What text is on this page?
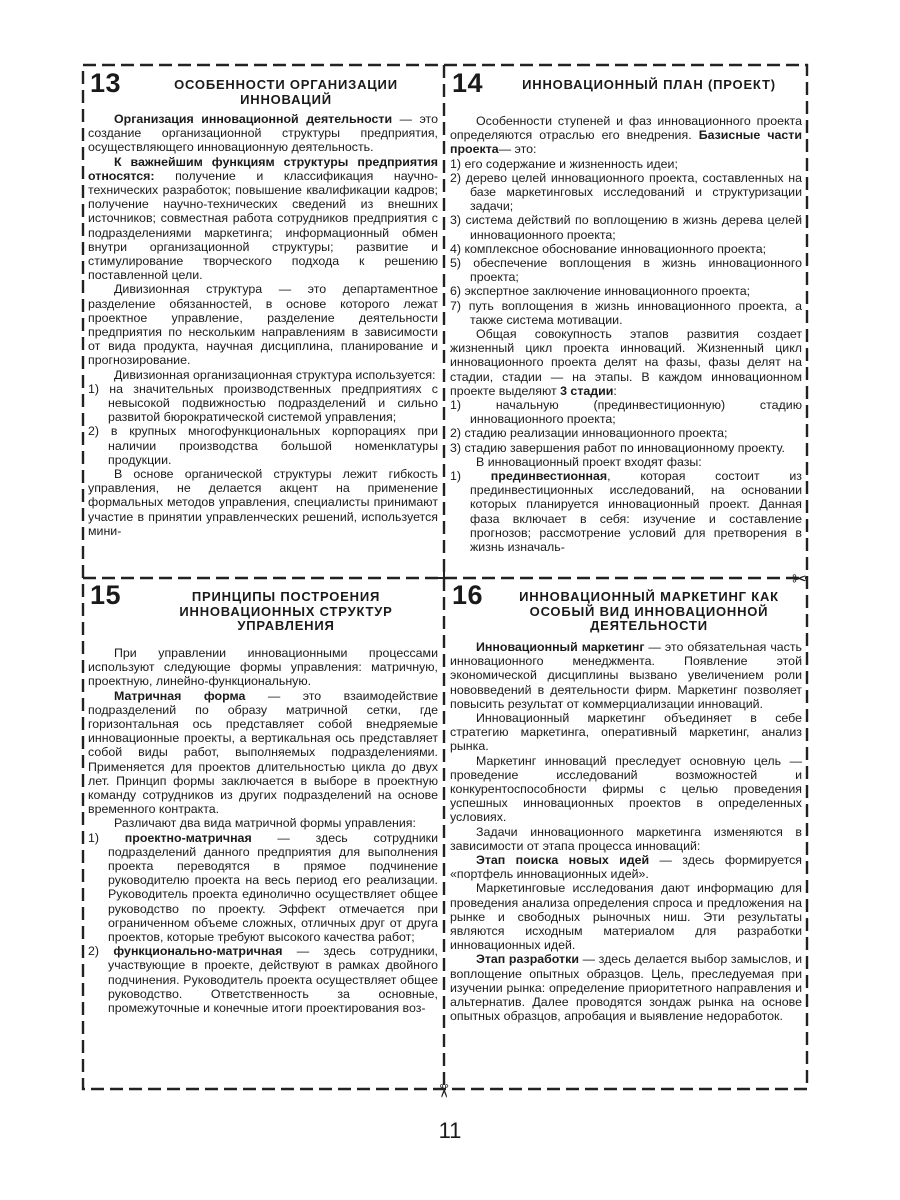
13	ОСОБЕННОСТИ ОРГАНИЗАЦИИ ИННОВАЦИЙ

Организация инновационной деятельности — это создание организационной структуры предприятия, осуществляющего инновационную деятельность.

К важнейшим функциям структуры предприятия относятся: получение и классификация научно-технических разработок; повышение квалификации кадров; получение научно-технических сведений из внешних источников; совместная работа сотрудников предприятия с подразделениями маркетинга; информационный обмен внутри организационной структуры; развитие и стимулирование творческого подхода к решению поставленной цели.

Дивизионная структура — это департаментное разделение обязанностей, в основе которого лежат проектное управление, разделение деятельности предприятия по нескольким направлениям в зависимости от вида продукта, научная дисциплина, планирование и прогнозирование.

Дивизионная организационная структура используется:

1) на значительных производственных предприятиях с невысокой подвижностью подразделений и сильно развитой бюрократической системой управления;

2) в крупных многофункциональных корпорациях при наличии производства большой номенклатуры продукции.

В основе органической структуры лежит гибкость управления, не делается акцент на применение формальных методов управления, специалисты принимают участие в принятии управленческих решений, используется мини-

14	ИННОВАЦИОННЫЙ ПЛАН (ПРОЕКТ)

Особенности ступеней и фаз инновационного проекта определяются отраслью его внедрения. Базисные части проекта— это:

1) его содержание и жизненность идеи;

2) дерево целей инновационного проекта, составленных на базе маркетинговых исследований и структуризации задачи;

3) система действий по воплощению в жизнь дерева целей инновационного проекта;

4) комплексное обоснование инновационного проекта;

5) обеспечение воплощения в жизнь инновационного проекта;

6) экспертное заключение инновационного проекта;

7) путь воплощения в жизнь инновационного проекта, а также система мотивации.

Общая совокупность этапов развития создает жизненный цикл проекта инноваций. Жизненный цикл инновационного проекта делят на фазы, фазы делят на стадии, стадии — на этапы. В каждом инновационном проекте выделяют 3 стадии:

1) начальную (прединвестиционную) стадию инновационного проекта;

2) стадию реализации инновационного проекта;

3) стадию завершения работ по инновационному проекту.

В инновационный проект входят фазы:

1) прединвестионная, которая состоит из прединвестиционных исследований, на основании которых планируется инновационный проект. Данная фаза включает в себя: изучение и составление прогнозов; рассмотрение условий для претворения в жизнь изначаль-

15	ПРИНЦИПЫ ПОСТРОЕНИЯ ИННОВАЦИОННЫХ СТРУКТУР УПРАВЛЕНИЯ

При управлении инновационными процессами используют следующие формы управления: матричную, проектную, линейно-функциональную.

Матричная форма — это взаимодействие подразделений по образу матричной сетки, где горизонтальная ось представляет собой внедряемые инновационные проекты, а вертикальная ось представляет собой виды работ, выполняемых подразделениями. Применяется для проектов длительностью цикла до двух лет. Принцип формы заключается в выборе в проектную команду сотрудников из других подразделений на основе временного контракта.

Различают два вида матричной формы управления:

1) проектно-матричная — здесь сотрудники подразделений данного предприятия для выполнения проекта переводятся в прямое подчинение руководителю проекта на весь период его реализации. Руководитель проекта единолично осуществляет общее руководство по проекту. Эффект отмечается при ограниченном объеме сложных, отличных друг от друга проектов, которые требуют высокого качества работ;

2) функционально-матричная — здесь сотрудники, участвующие в проекте, действуют в рамках двойного подчинения. Руководитель проекта осуществляет общее руководство. Ответственность за основные, промежуточные и конечные итоги проектирования воз-

16	ИННОВАЦИОННЫЙ МАРКЕТИНГ КАК ОСОБЫЙ ВИД ИННОВАЦИОННОЙ ДЕЯТЕЛЬНОСТИ

Инновационный маркетинг — это обязательная часть инновационного менеджмента. Появление этой экономической дисциплины вызвано увеличением роли нововведений в деятельности фирм. Маркетинг позволяет повысить результат от коммерциализации инноваций.

Инновационный маркетинг объединяет в себе стратегию маркетинга, оперативный маркетинг, анализ рынка.

Маркетинг инноваций преследует основную цель — проведение исследований возможностей и конкурентоспособности фирмы с целью проведения успешных инновационных проектов в определенных условиях.

Задачи инновационного маркетинга изменяются в зависимости от этапа процесса инноваций:

Этап поиска новых идей — здесь формируется «портфель инновационных идей».

Маркетинговые исследования дают информацию для проведения анализа определения спроса и предложения на рынке и свободных рыночных ниш. Эти результаты являются исходным материалом для разработки инновационных идей.

Этап разработки — здесь делается выбор замыслов, и воплощение опытных образцов. Цель, преследуемая при изучении рынка: определение приоритетного направления и альтернатив. Далее проводятся зондаж рынка на основе опытных образцов, апробация и выявление недоработок.

✂
✂
11
